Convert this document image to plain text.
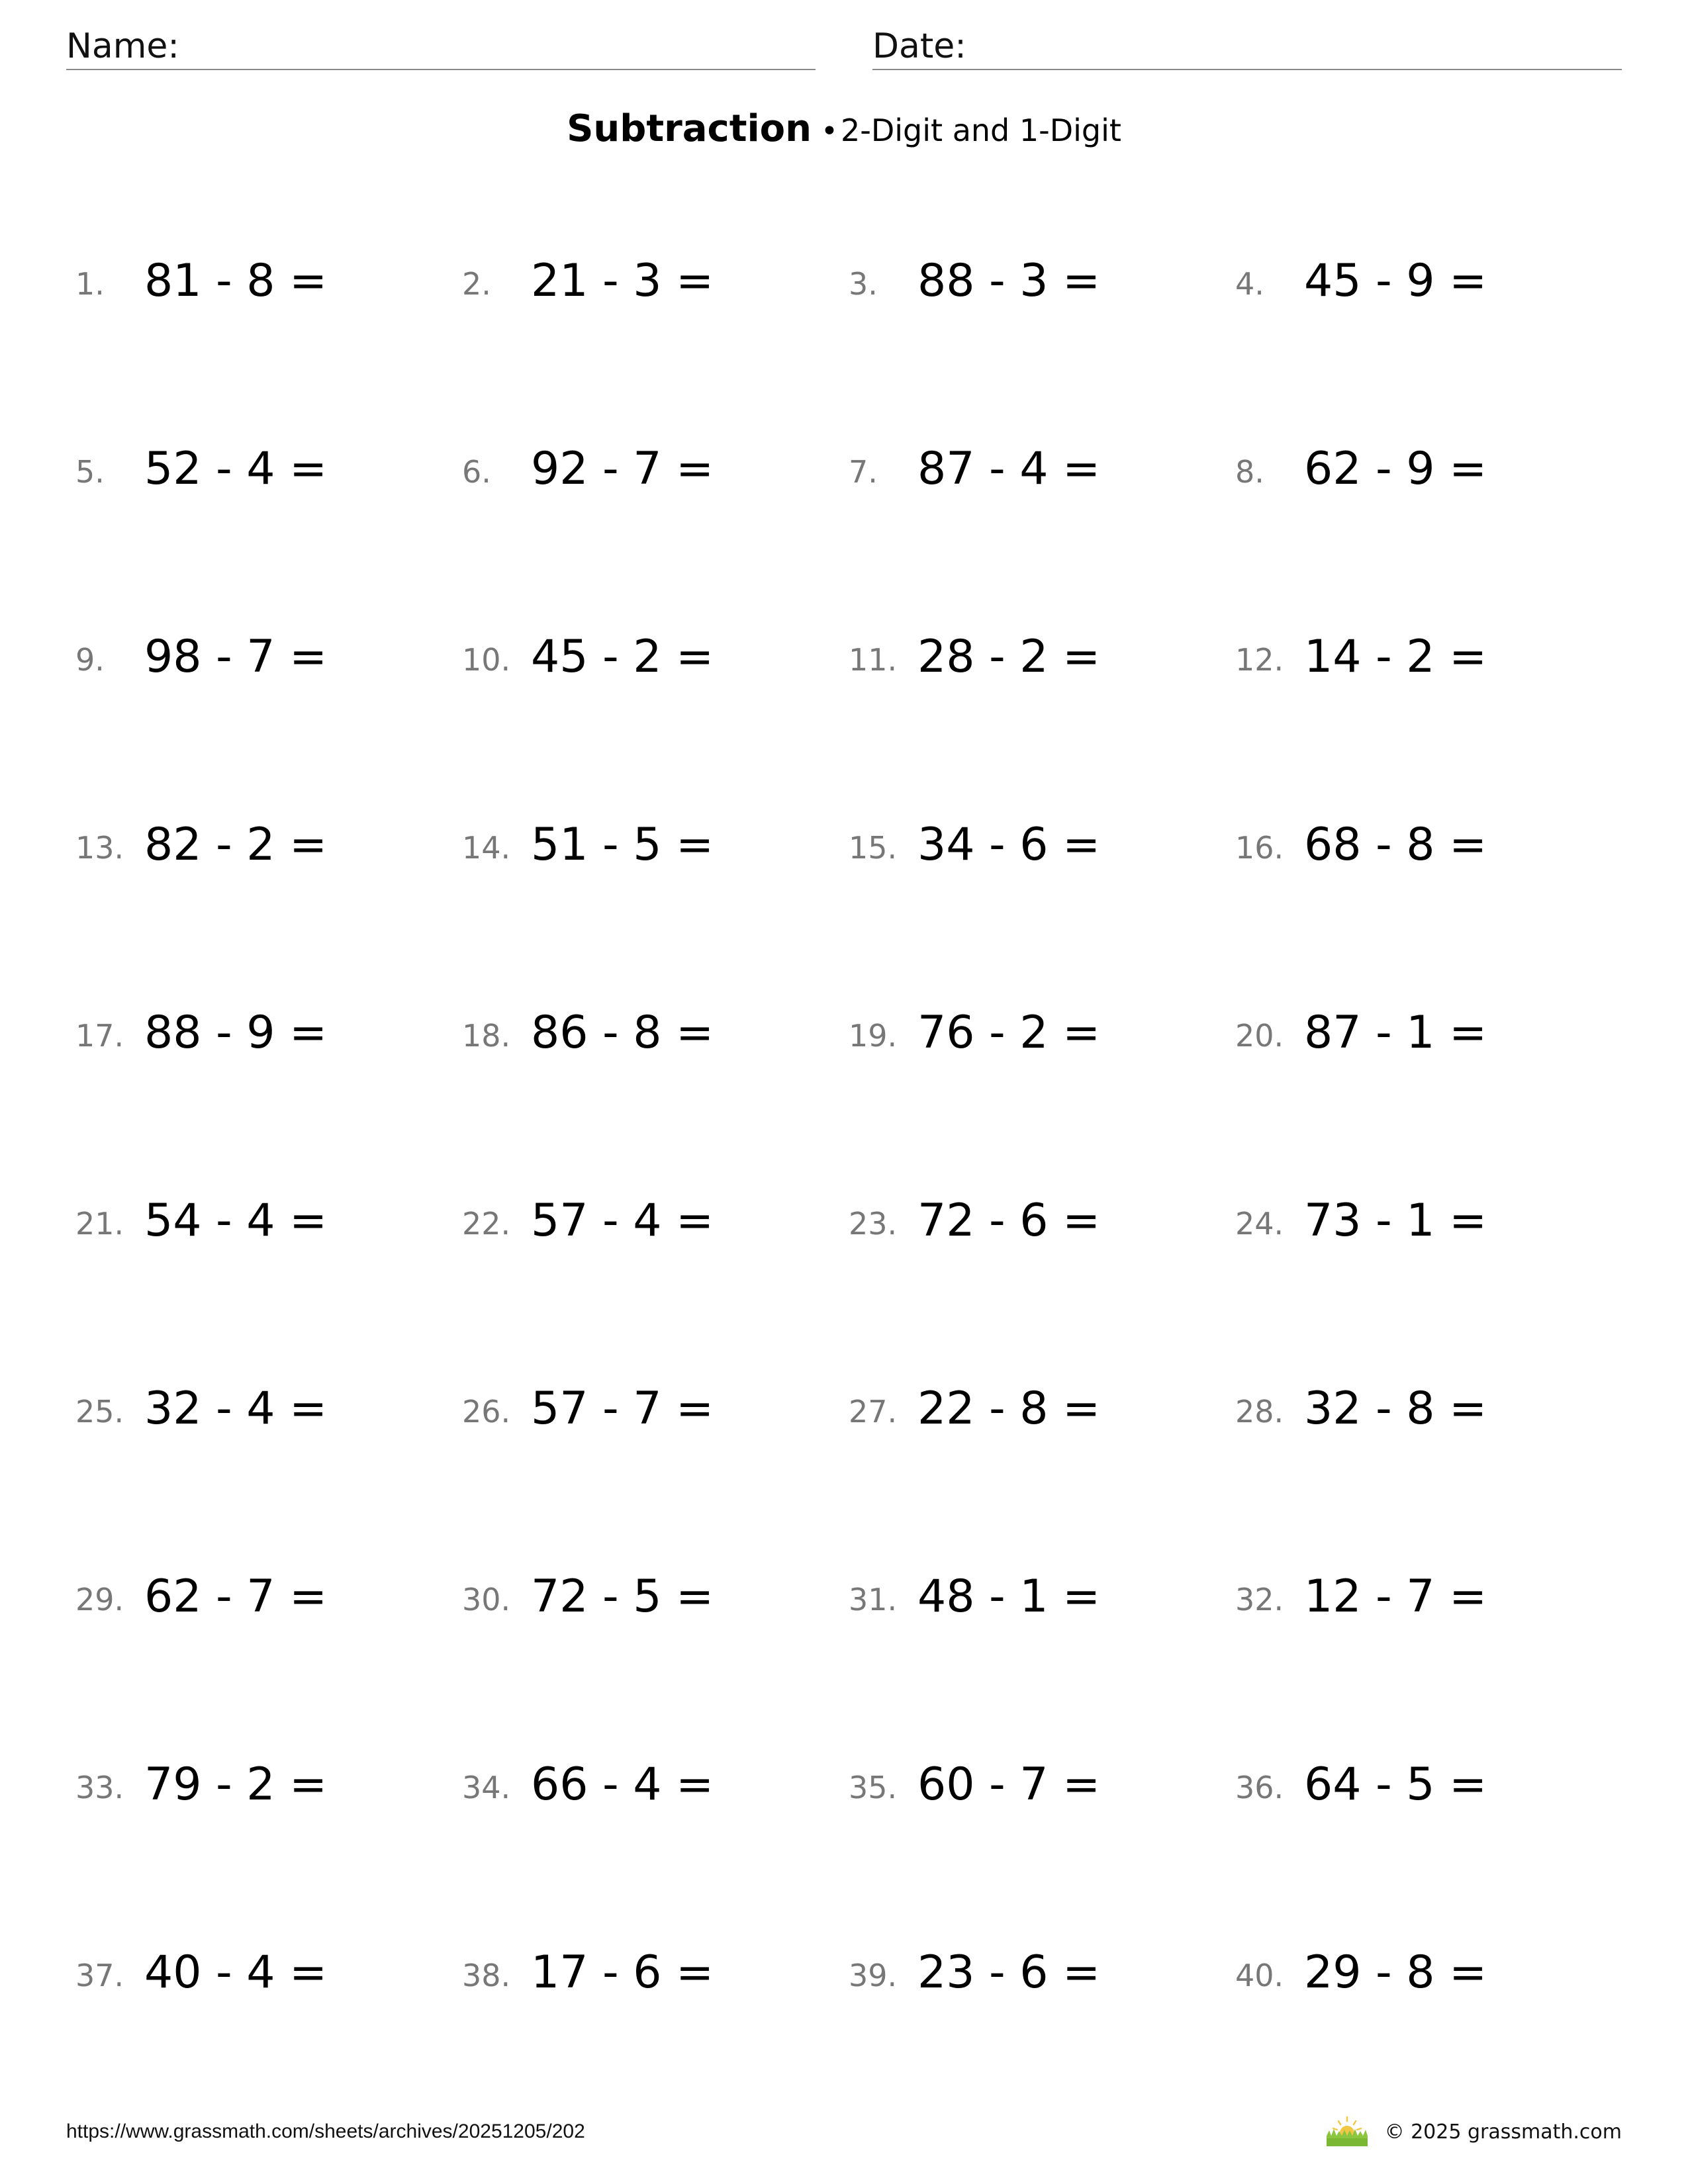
Name:	Date:
Subtraction •2-Digit and 1-Digit
1. 81 - 8 =	2. 21 - 3 =	3. 88 - 3 =	4. 45 - 9 =
5. 52 - 4 =	6. 92 - 7 =	7. 87 - 4 =	8. 62 - 9 =
9. 98 - 7 =	10. 45 - 2 =	11. 28 - 2 =	12. 14 - 2 =
13. 82 - 2 =	14. 51 - 5 =	15. 34 - 6 =	16. 68 - 8 =
17. 88 - 9 =	18. 86 - 8 =	19. 76 - 2 =	20. 87 - 1 =
21. 54 - 4 =	22. 57 - 4 =	23. 72 - 6 =	24. 73 - 1 =
25. 32 - 4 =	26. 57 - 7 =	27. 22 - 8 =	28. 32 - 8 =
29. 62 - 7 =	30. 72 - 5 =	31. 48 - 1 =	32. 12 - 7 =
33. 79 - 2 =	34. 66 - 4 =	35. 60 - 7 =	36. 64 - 5 =
37. 40 - 4 =	38. 17 - 6 =	39. 23 - 6 =	40. 29 - 8 =
https://www.grassmath.com/sheets/archives/20251205/202	© 2025 grassmath.com
